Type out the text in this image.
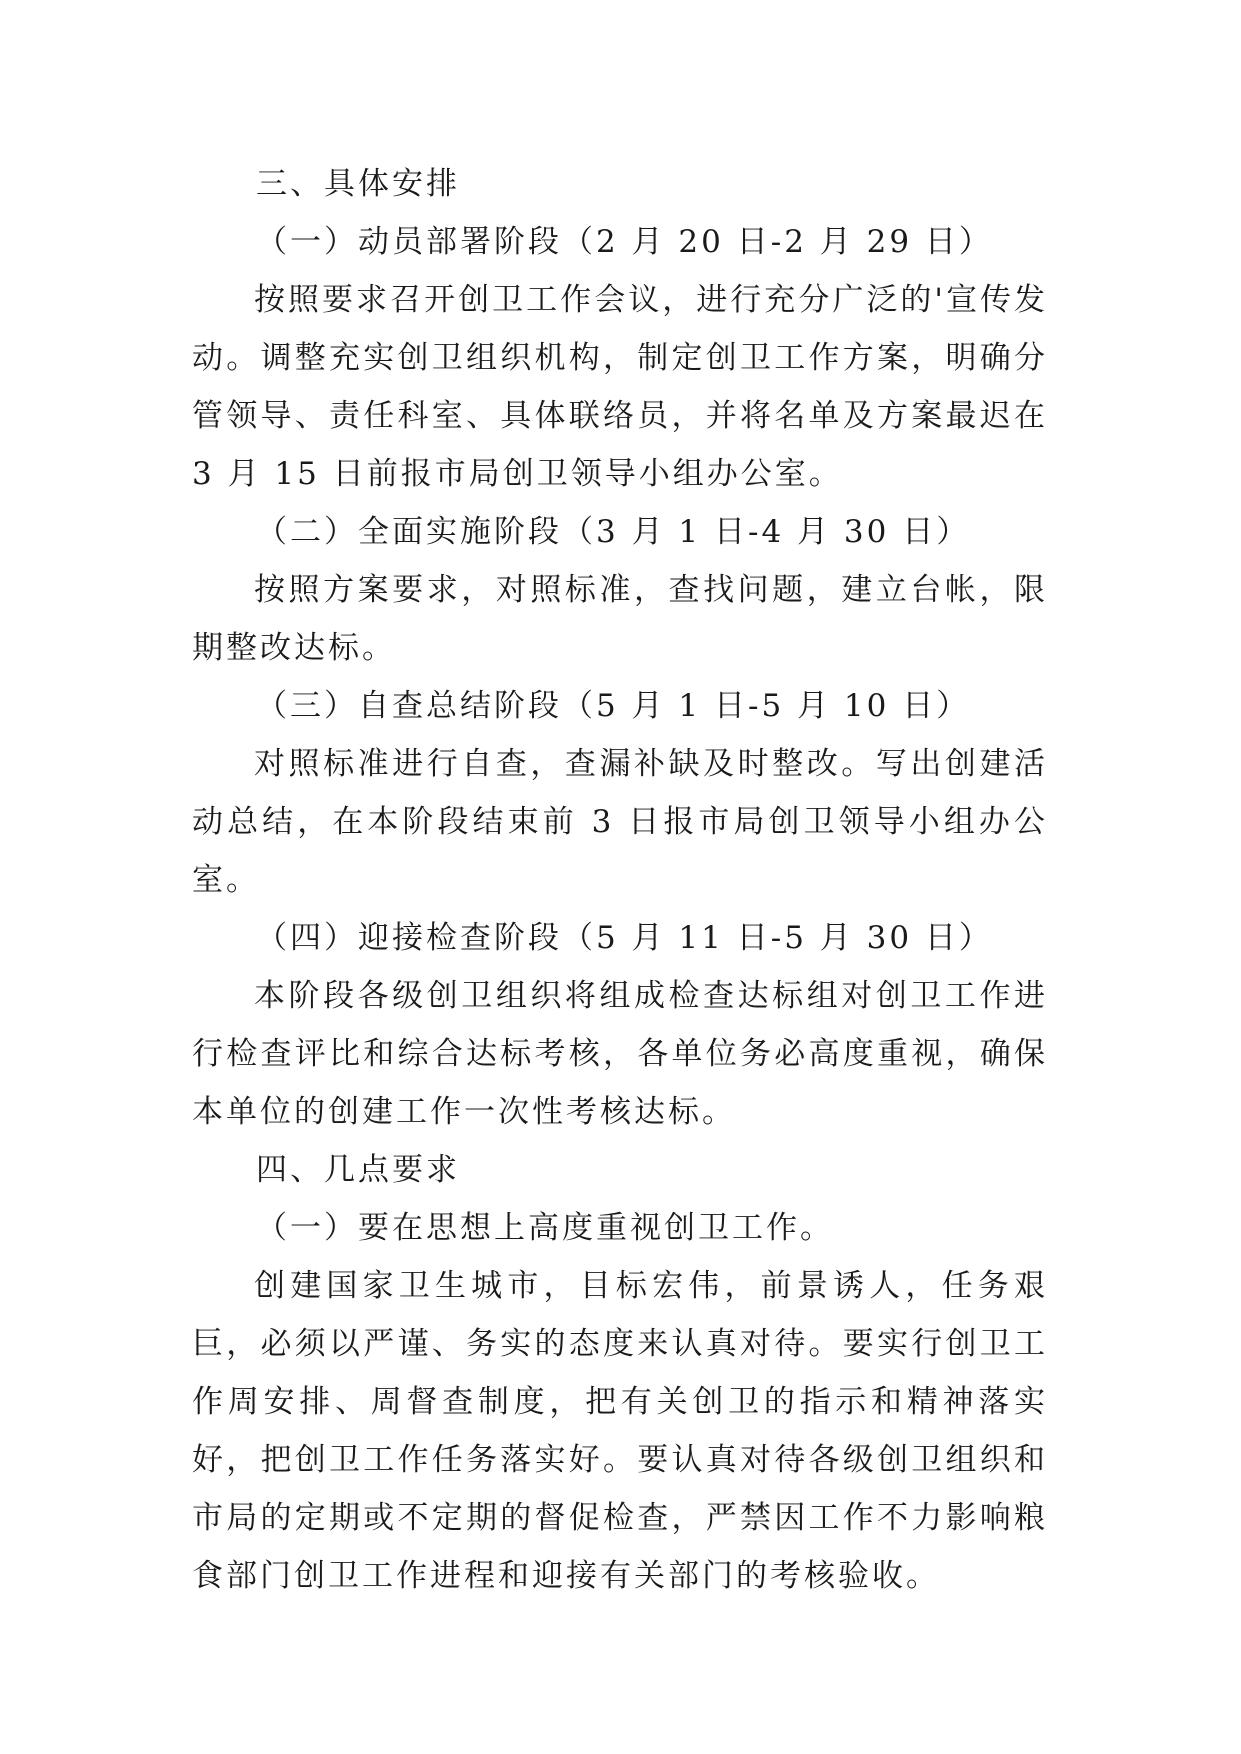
三、具体安排

（一）动员部署阶段（2 月 20 日-2 月 29 日）

按照要求召开创卫工作会议，进行充分广泛的'宣传发动。调整充实创卫组织机构，制定创卫工作方案，明确分管领导、责任科室、具体联络员，并将名单及方案最迟在 3 月 15 日前报市局创卫领导小组办公室。

（二）全面实施阶段（3 月 1 日-4 月 30 日）

按照方案要求，对照标准，查找问题，建立台帐，限期整改达标。

（三）自查总结阶段（5 月 1 日-5 月 10 日）

对照标准进行自查，查漏补缺及时整改。写出创建活动总结，在本阶段结束前 3 日报市局创卫领导小组办公室。

（四）迎接检查阶段（5 月 11 日-5 月 30 日）

本阶段各级创卫组织将组成检查达标组对创卫工作进行检查评比和综合达标考核，各单位务必高度重视，确保本单位的创建工作一次性考核达标。

四、几点要求

（一）要在思想上高度重视创卫工作。

创建国家卫生城市，目标宏伟，前景诱人，任务艰巨，必须以严谨、务实的态度来认真对待。要实行创卫工作周安排、周督查制度，把有关创卫的指示和精神落实好，把创卫工作任务落实好。要认真对待各级创卫组织和市局的定期或不定期的督促检查，严禁因工作不力影响粮食部门创卫工作进程和迎接有关部门的考核验收。
